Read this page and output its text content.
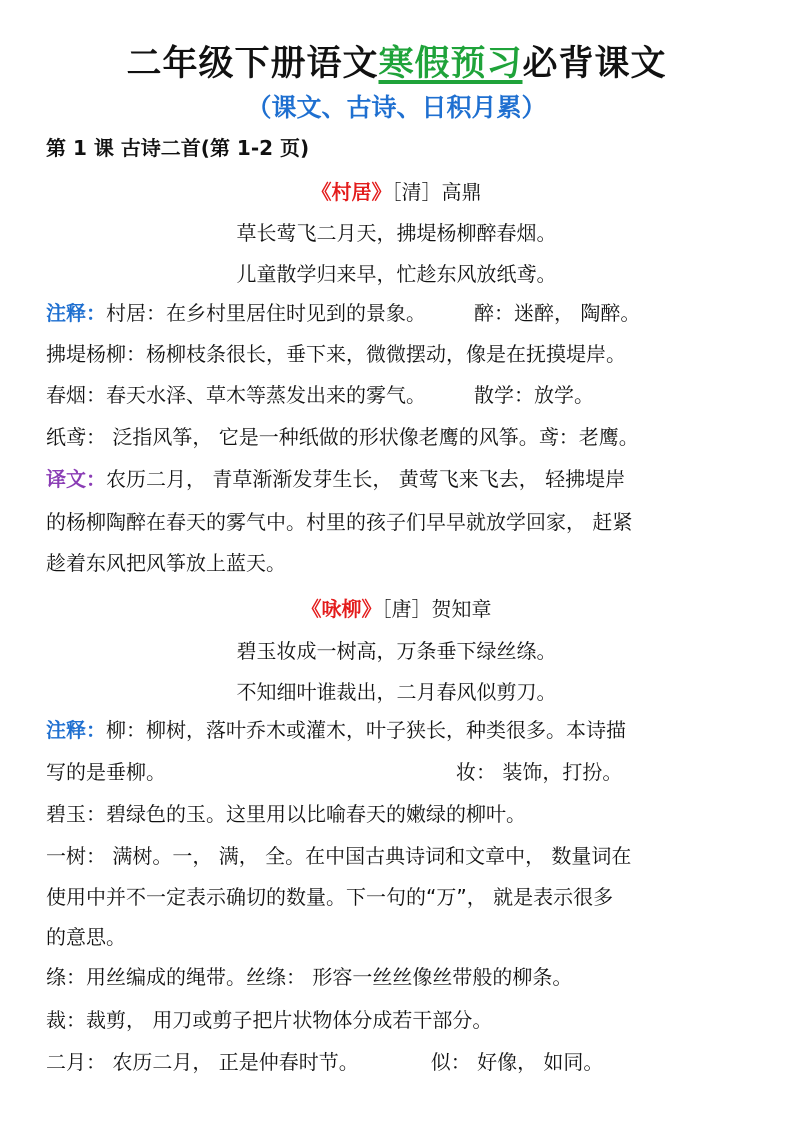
二年级下册语文寒假预习必背课文
（课文、古诗、日积月累）
第 1 课 古诗二首(第 1-2 页)
《村居》［清］高鼎
草长莺飞二月天，拂堤杨柳醉春烟。
儿童散学归来早，忙趁东风放纸鸢。
注释：村居：在乡村里居住时见到的景象。 醉：迷醉， 陶醉。
拂堤杨柳：杨柳枝条很长，垂下来，微微摆动，像是在抚摸堤岸。
春烟：春天水泽、草木等蒸发出来的雾气。 散学：放学。
纸鸢： 泛指风筝， 它是一种纸做的形状像老鹰的风筝。鸢：老鹰。
译文：农历二月， 青草渐渐发芽生长， 黄莺飞来飞去， 轻拂堤岸
的杨柳陶醉在春天的雾气中。村里的孩子们早早就放学回家， 赶紧
趁着东风把风筝放上蓝天。
《咏柳》［唐］贺知章
碧玉妆成一树高，万条垂下绿丝绦。
不知细叶谁裁出，二月春风似剪刀。
注释：柳：柳树，落叶乔木或灌木，叶子狭长，种类很多。本诗描
写的是垂柳。	妆： 装饰，打扮。
碧玉：碧绿色的玉。这里用以比喻春天的嫩绿的柳叶。
一树： 满树。一， 满， 全。在中国古典诗词和文章中， 数量词在
使用中并不一定表示确切的数量。下一句的“万”， 就是表示很多
的意思。
绦：用丝编成的绳带。丝绦： 形容一丝丝像丝带般的柳条。
裁：裁剪， 用刀或剪子把片状物体分成若干部分。
二月： 农历二月， 正是仲春时节。	似： 好像， 如同。
